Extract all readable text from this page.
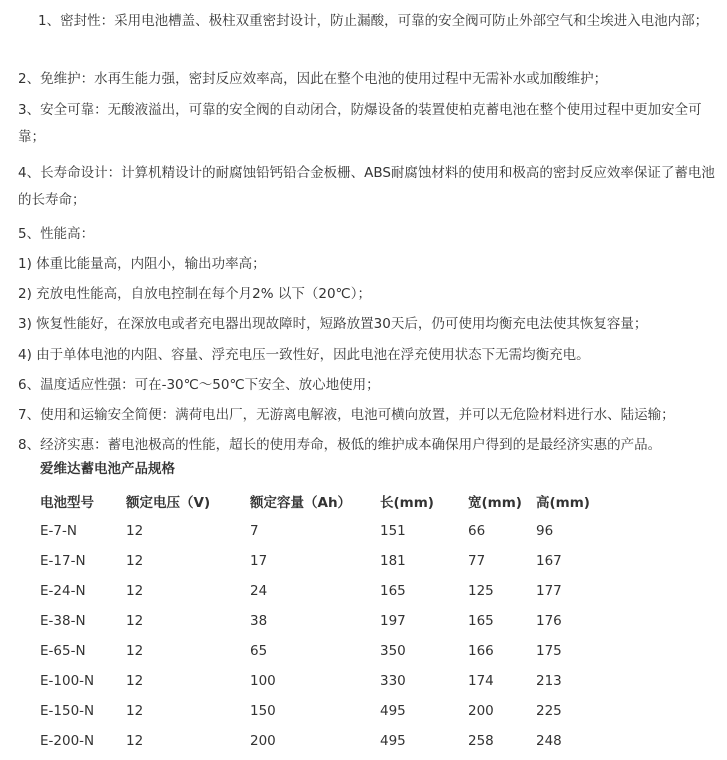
1、密封性：采用电池槽盖、极柱双重密封设计，防止漏酸，可靠的安全阀可防止外部空气和尘埃进入电池内部；
2、免维护：水再生能力强，密封反应效率高，因此在整个电池的使用过程中无需补水或加酸维护；
3、安全可靠：无酸液溢出，可靠的安全阀的自动闭合，防爆设备的装置使柏克蓄电池在整个使用过程中更加安全可靠；
4、长寿命设计：计算机精设计的耐腐蚀铅钙铅合金板栅、ABS耐腐蚀材料的使用和极高的密封反应效率保证了蓄电池的长寿命；
5、性能高：
1) 体重比能量高，内阻小，输出功率高；
2) 充放电性能高，自放电控制在每个月2% 以下（20℃）；
3) 恢复性能好，在深放电或者充电器出现故障时，短路放置30天后，仍可使用均衡充电法使其恢复容量；
4) 由于单体电池的内阻、容量、浮充电压一致性好，因此电池在浮充使用状态下无需均衡充电。
6、温度适应性强：可在-30℃～50℃下安全、放心地使用；
7、使用和运输安全简便：满荷电出厂，无游离电解液，电池可横向放置，并可以无危险材料进行水、陆运输；
8、经济实惠：蓄电池极高的性能，超长的使用寿命，极低的维护成本确保用户得到的是最经济实惠的产品。
爱维达蓄电池产品规格
电池型号	额定电压（V)	额定容量（Ah）	长(mm)	宽(mm)	高(mm)
E-7-N	12	7	151	66	96
E-17-N	12	17	181	77	167
E-24-N	12	24	165	125	177
E-38-N	12	38	197	165	176
E-65-N	12	65	350	166	175
E-100-N	12	100	330	174	213
E-150-N	12	150	495	200	225
E-200-N	12	200	495	258	248
